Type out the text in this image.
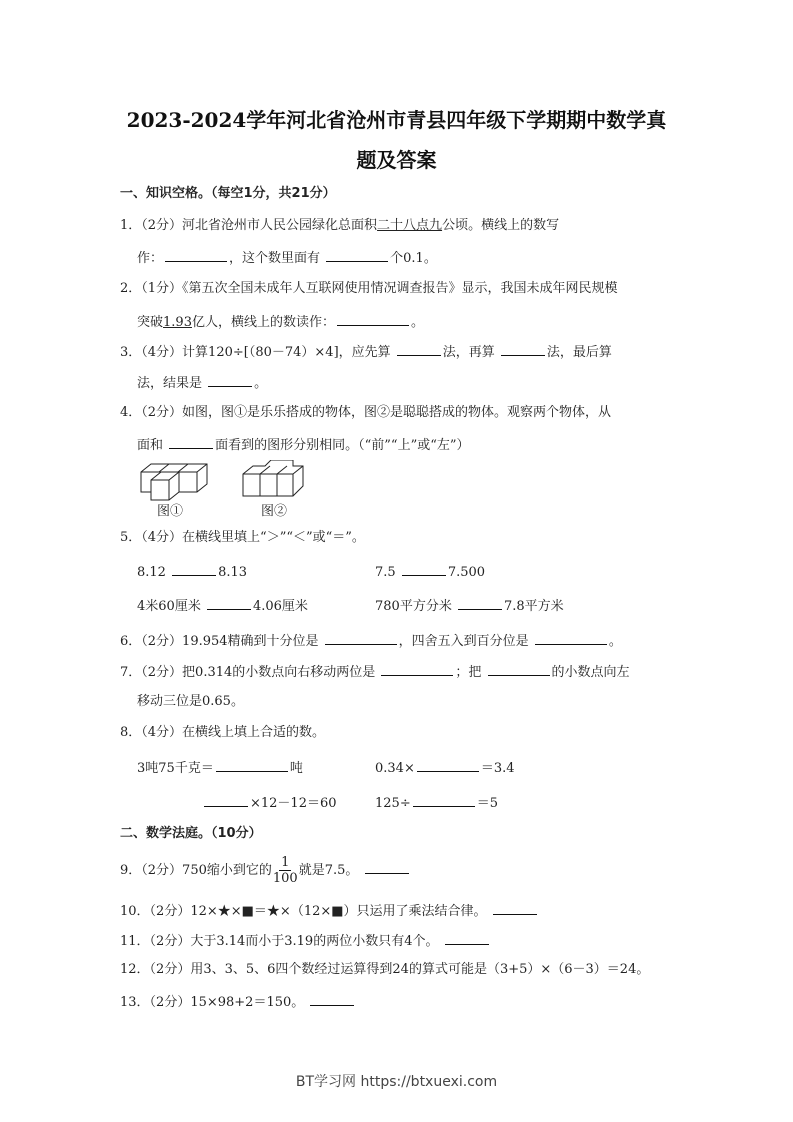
2023-2024学年河北省沧州市青县四年级下学期期中数学真
题及答案
一、知识空格。（每空1分，共21分）
1．（2分）河北省沧州市人民公园绿化总面积二十八点九公顷。横线上的数写
作：	，这个数里面有	个0.1。
2．（1分）《第五次全国未成年人互联网使用情况调查报告》显示，我国未成年网民规模
突破1.93亿人，横线上的数读作：	。
3．（4分）计算120÷[（80－74）×4]，应先算	法，再算	法，最后算
法，结果是	。
4．（2分）如图，图①是乐乐搭成的物体，图②是聪聪搭成的物体。观察两个物体，从
面和	面看到的图形分别相同。（“前”“上”或“左”）
5．（4分）在横线里填上“＞”“＜”或“＝”。
8.12	8.13	7.5	7.500
4米60厘米	4.06厘米	780平方分米	7.8平方米
6．（2分）19.954精确到十分位是	，四舍五入到百分位是	。
7．（2分）把0.314的小数点向右移动两位是	；把	的小数点向左
移动三位是0.65。
8．（4分）在横线上填上合适的数。
3吨75千克＝	吨	0.34×	＝3.4
×12－12＝60	125÷	＝5
二、数学法庭。（10分）
9．（2分）750缩小到它的 $\frac{1}{100}$ 就是7.5。
10．（2分）12×★×■＝★×（12×■）只运用了乘法结合律。
11．（2分）大于3.14而小于3.19的两位小数只有4个。
12．（2分）用3、3、5、6四个数经过运算得到24的算式可能是（3+5）×（6－3）＝24。
13．（2分）15×98+2＝150。
图①	图②
BT学习网 https://btxuexi.com
